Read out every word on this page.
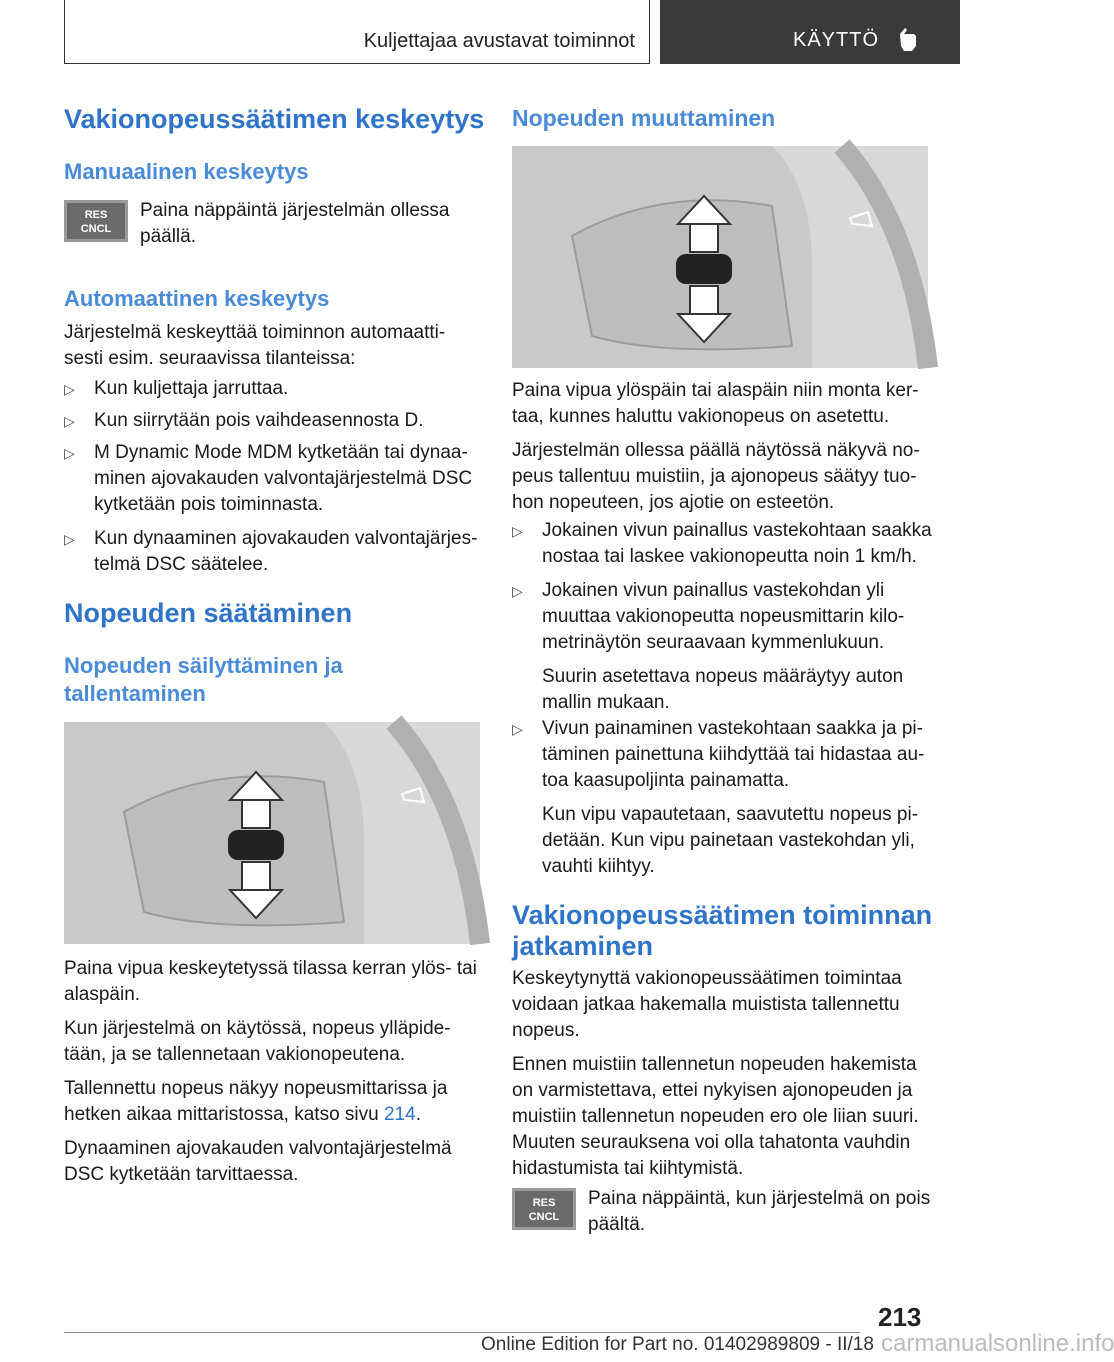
Kuljettajaa avustavat toiminnot	KÄYTTÖ
Vakionopeussäätimen keskeytys
Manuaalinen keskeytys
RES
CNCL
Paina näppäintä järjestelmän ollessa
päällä.
Automaattinen keskeytys

Järjestelmä keskeyttää toiminnon automaatti‐

sesti esim. seuraavissa tilanteissa:

▷ Kun kuljettaja jarruttaa.
▷ Kun siirrytään pois vaihdeasennosta D.
▷ M Dynamic Mode MDM kytketään tai dynaa‐
minen ajovakauden valvontajärjestelmä DSC
kytketään pois toiminnasta.
▷ Kun dynaaminen ajovakauden valvontajärjes‐
telmä DSC säätelee.
Nopeuden säätäminen
Nopeuden säilyttäminen ja
tallentaminen

Paina vipua keskeytetyssä tilassa kerran ylös- tai

alaspäin.

Kun järjestelmä on käytössä, nopeus ylläpide‐

tään, ja se tallennetaan vakionopeutena.

Tallennettu nopeus näkyy nopeusmittarissa ja

hetken aikaa mittaristossa, katso sivu 214.

Dynaaminen ajovakauden valvontajärjestelmä

DSC kytketään tarvittaessa.

Nopeuden muuttaminen

Paina vipua ylöspäin tai alaspäin niin monta ker‐

taa, kunnes haluttu vakionopeus on asetettu.

Järjestelmän ollessa päällä näytössä näkyvä no‐

peus tallentuu muistiin, ja ajonopeus säätyy tuo‐

hon nopeuteen, jos ajotie on esteetön.

▷ Jokainen vivun painallus vastekohtaan saakka
nostaa tai laskee vakionopeutta noin 1 km/h.
▷ Jokainen vivun painallus vastekohdan yli
muuttaa vakionopeutta nopeusmittarin kilo‐
metrinäytön seuraavaan kymmenlukuun.
Suurin asetettava nopeus määräytyy auton
mallin mukaan.
▷ Vivun painaminen vastekohtaan saakka ja pi‐
täminen painettuna kiihdyttää tai hidastaa au‐
toa kaasupoljinta painamatta.
Kun vipu vapautetaan, saavutettu nopeus pi‐
detään. Kun vipu painetaan vastekohdan yli,
vauhti kiihtyy.
Vakionopeussäätimen toiminnan
jatkaminen

Keskeytynyttä vakionopeussäätimen toimintaa

voidaan jatkaa hakemalla muistista tallennettu

nopeus.

Ennen muistiin tallennetun nopeuden hakemista

on varmistettava, ettei nykyisen ajonopeuden ja

muistiin tallennetun nopeuden ero ole liian suuri.

Muuten seurauksena voi olla tahatonta vauhdin

hidastumista tai kiihtymistä.

RES
CNCL
Paina näppäintä, kun järjestelmä on pois
päältä.
213
Online Edition for Part no. 01402989809 - II/18 carmanualsonline.info
